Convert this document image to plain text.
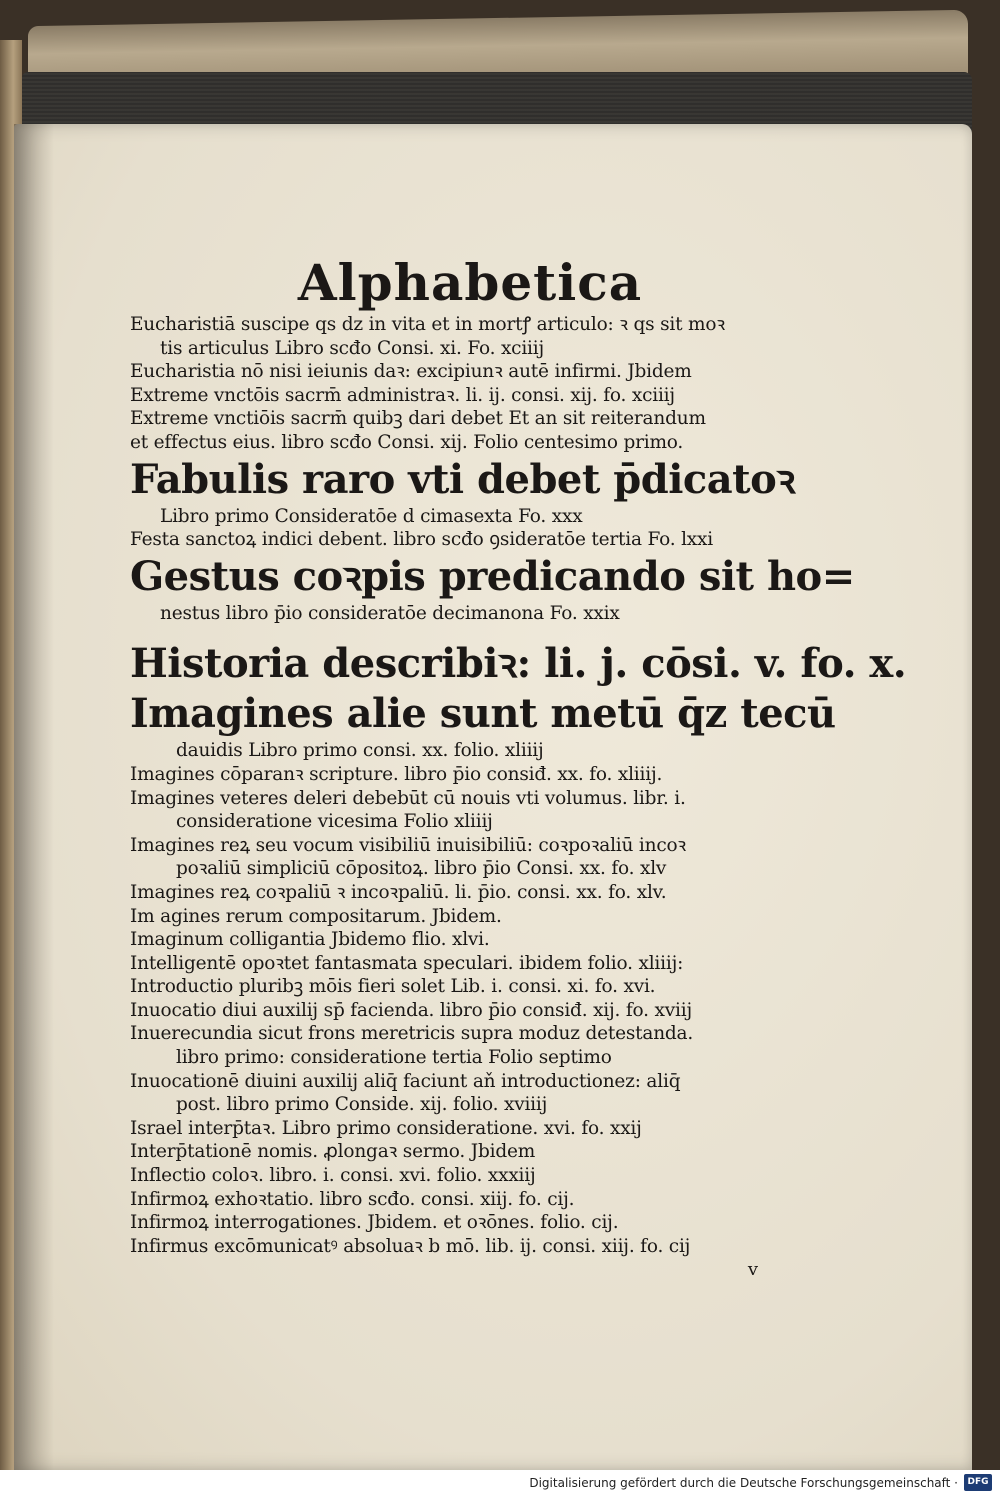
Alphabetica
Eucharistiā suscipe qs dz in vita et in mortꝭ articulo: ꝛ qs sit moꝛ
tis articulus Libro scđo Consi. xi. Fo. xciiij
Eucharistia nō nisi ieiunis daꝛ: excipiunꝛ autē infirmi. Jbidem
Extreme vnctōis sacrm̄ administraꝛ. li. ij. consi. xij. fo. xciiij
Extreme vnctiōis sacrm̄ quibꝫ dari debet Et an sit reiterandum
et effectus eius. libro scđo Consi. xij. Folio centesimo primo.
Fabulis raro vti debet p̄dicatoꝛ
Libro primo Consideratōe d cimasexta Fo. xxx
Festa sanctoꝝ indici debent. libro scđo ꝯsideratōe tertia Fo. lxxi
Gestus coꝛpis predicando sit ho=
nestus libro p̄io consideratōe decimanona Fo. xxix
Historia describiꝛ: li. j. cōsi. v. fo. x.
Imagines alie sunt metū q̄z tecū
dauidis Libro primo consi. xx. folio. xliiij
Imagines cōparanꝛ scripture. libro p̄io consiđ. xx. fo. xliiij.
Imagines veteres deleri debebūt cū nouis vti volumus. libr. i.
consideratione vicesima Folio xliiij
Imagines reꝝ seu vocum visibiliū inuisibiliū: coꝛpoꝛaliū incoꝛ
poꝛaliū simpliciū cōpositoꝝ. libro p̄io Consi. xx. fo. xlv
Imagines reꝝ coꝛpaliū ꝛ incoꝛpaliū. li. p̄io. consi. xx. fo. xlv.
Im agines rerum compositarum. Jbidem.
Imaginum colligantia Jbidemo flio. xlvi.
Intelligentē opoꝛtet fantasmata speculari. ibidem folio. xliiij:
Introductio pluribꝫ mōis fieri solet Lib. i. consi. xi. fo. xvi.
Inuocatio diui auxilij sp̄ facienda. libro p̄io consiđ. xij. fo. xviij
Inuerecundia sicut frons meretricis supra moduz detestanda.
libro primo: consideratione tertia Folio septimo
Inuocationē diuini auxilij aliq̄ faciunt aň introductionez: aliq̄
post. libro primo Conside. xij. folio. xviiij
Israel interp̄taꝛ. Libro primo consideratione. xvi. fo. xxij
Interp̄tationē nomis. ꝓlongaꝛ sermo. Jbidem
Inflectio coloꝛ. libro. i. consi. xvi. folio. xxxiij
Infirmoꝝ exhoꝛtatio. libro scđo. consi. xiij. fo. cij.
Infirmoꝝ interrogationes. Jbidem. et oꝛōnes. folio. cij.
Infirmus excōmunicatꝰ absoluaꝛ b mō. lib. ij. consi. xiij. fo. cij
v
Digitalisierung gefördert durch die Deutsche Forschungsgemeinschaft ·	DFG
